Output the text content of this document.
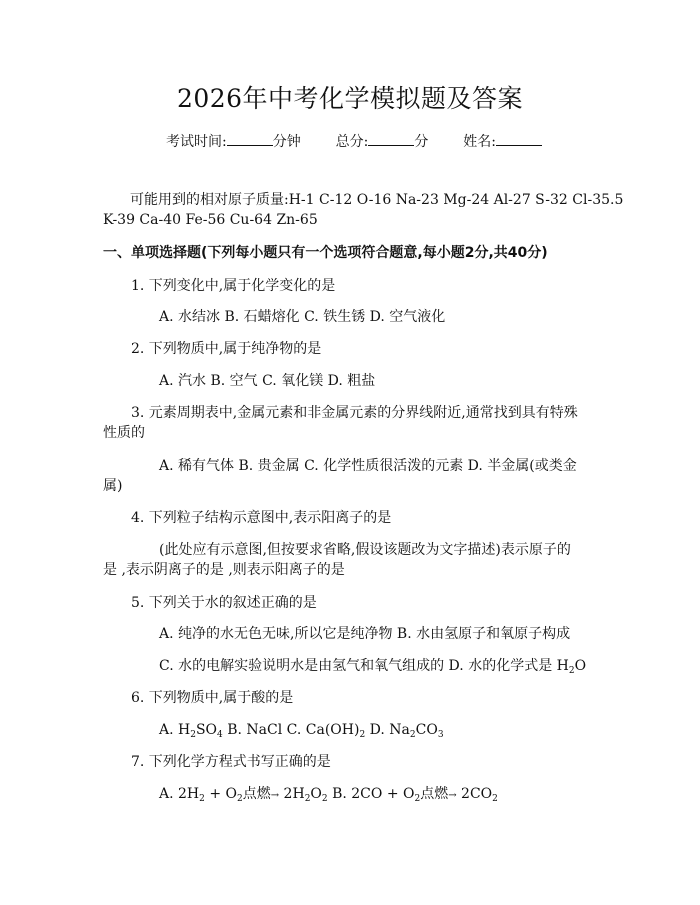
2026年中考化学模拟题及答案
考试时间:	分钟 总分:	分 姓名:
可能用到的相对原子质量:H-1 C-12 O-16 Na-23 Mg-24 Al-27 S-32 Cl-35.5
K-39 Ca-40 Fe-56 Cu-64 Zn-65
一、单项选择题(下列每小题只有一个选项符合题意,每小题2分,共40分)
1. 下列变化中,属于化学变化的是
A. 水结冰 B. 石蜡熔化 C. 铁生锈 D. 空气液化
2. 下列物质中,属于纯净物的是
A. 汽水 B. 空气 C. 氧化镁 D. 粗盐
3. 元素周期表中,金属元素和非金属元素的分界线附近,通常找到具有特殊
性质的
A. 稀有气体 B. 贵金属 C. 化学性质很活泼的元素 D. 半金属(或类金
属)
4. 下列粒子结构示意图中,表示阳离子的是
(此处应有示意图,但按要求省略,假设该题改为文字描述)表示原子的
是 ,表示阴离子的是 ,则表示阳离子的是
5. 下列关于水的叙述正确的是
A. 纯净的水无色无味,所以它是纯净物 B. 水由氢原子和氧原子构成
C. 水的电解实验说明水是由氢气和氧气组成的 D. 水的化学式是 $H_2O$
6. 下列物质中,属于酸的是
A. $H_2SO_4$ B. NaCl C. $Ca(OH)_2$ D. $Na_2CO_3$
7. 下列化学方程式书写正确的是
A. $2H_2 + O_2$点燃→ $2H_2O_2$ B. $2CO + O_2$点燃→ $2CO_2$
